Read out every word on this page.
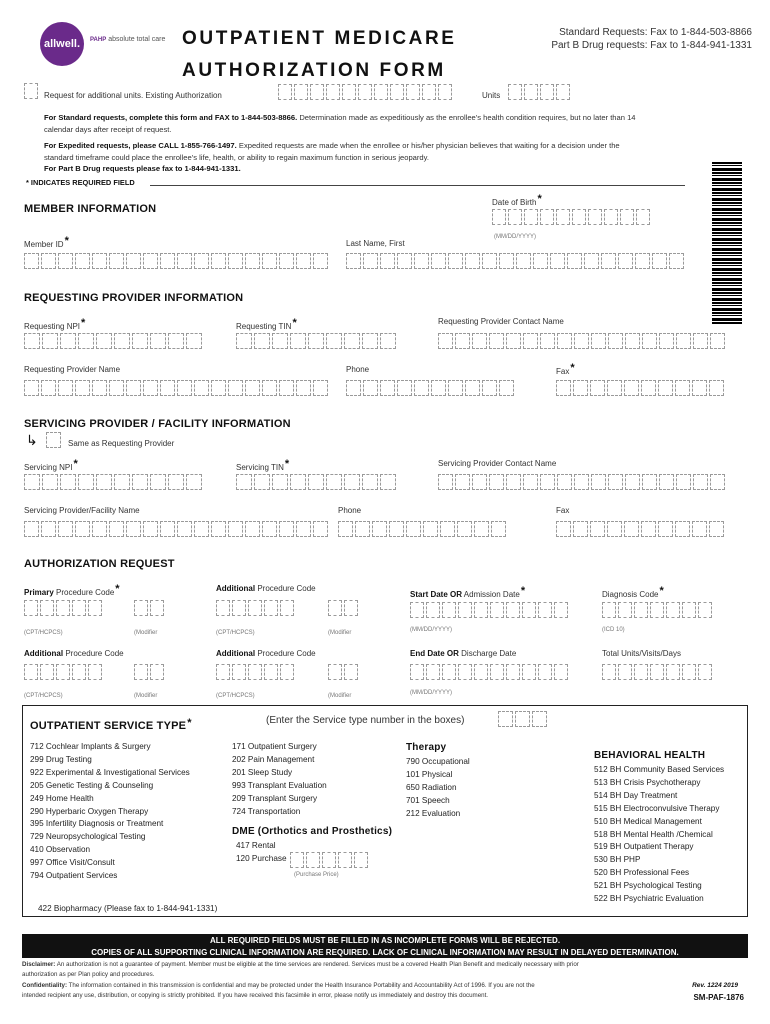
allwell. PAHP absolute total care OUTPATIENT MEDICARE
AUTHORIZATION FORM
Standard Requests: Fax to 1-844-503-8866
Part B Drug requests: Fax to 1-844-941-1331
Request for additional units. Existing Authorization	Units
For Standard requests, complete this form and FAX to 1-844-503-8866. Determination made as expeditiously as the enrollee's health condition requires, but no later than 14
calendar days after receipt of request.
For Expedited requests, please CALL 1-855-766-1497. Expedited requests are made when the enrollee or his/her physician believes that waiting for a decision under the
standard timeframe could place the enrollee's life, health, or ability to regain maximum function in serious jeopardy.
For Part B Drug requests please fax to 1-844-941-1331.
* INDICATES REQUIRED FIELD
MEMBER INFORMATION
Date of Birth*
(MM/DD/YYYY)
Member ID*	Last Name, First
REQUESTING PROVIDER INFORMATION
Requesting NPI*	Requesting TIN*	Requesting Provider Contact Name
Requesting Provider Name	Phone	Fax*
SERVICING PROVIDER / FACILITY INFORMATION
↳	Same as Requesting Provider
Servicing NPI*	Servicing TIN*	Servicing Provider Contact Name
Servicing Provider/Facility Name	Phone	Fax
AUTHORIZATION REQUEST
Primary Procedure Code*
(CPT/HCPCS)	(Modifier
Additional Procedure Code
(CPT/HCPCS)	(Modifier
Start Date OR Admission Date*
(MM/DD/YYYY)
Diagnosis Code*
(ICD 10)
Additional Procedure Code
(CPT/HCPCS)	(Modifier
Additional Procedure Code
(CPT/HCPCS)	(Modifier
End Date OR Discharge Date
(MM/DD/YYYY)
Total Units/Visits/Days
OUTPATIENT SERVICE TYPE*	(Enter the Service type number in the boxes)
712 Cochlear Implants & Surgery
299 Drug Testing
922 Experimental & Investigational Services
205 Genetic Testing & Counseling
249 Home Health
290 Hyperbaric Oxygen Therapy
395 Infertility Diagnosis or Treatment
729 Neuropsychological Testing
410 Observation
997 Office Visit/Consult
794 Outpatient Services
422 Biopharmacy (Please fax to 1-844-941-1331)
171 Outpatient Surgery
202 Pain Management
201 Sleep Study
993 Transplant Evaluation
209 Transplant Surgery
724 Transportation
DME (Orthotics and Prosthetics)
417 Rental
120 Purchase
(Purchase Price)
Therapy
790 Occupational
101 Physical
650 Radiation
701 Speech
212 Evaluation
BEHAVIORAL HEALTH
512 BH Community Based Services
513 BH Crisis Psychotherapy
514 BH Day Treatment
515 BH Electroconvulsive Therapy
510 BH Medical Management
518 BH Mental Health /Chemical
519 BH Outpatient Therapy
530 BH PHP
520 BH Professional Fees
521 BH Psychological Testing
522 BH Psychiatric Evaluation
ALL REQUIRED FIELDS MUST BE FILLED IN AS INCOMPLETE FORMS WILL BE REJECTED.
COPIES OF ALL SUPPORTING CLINICAL INFORMATION ARE REQUIRED. LACK OF CLINICAL INFORMATION MAY RESULT IN DELAYED DETERMINATION.
Disclaimer: An authorization is not a guarantee of payment. Member must be eligible at the time services are rendered. Services must be a covered Health Plan Benefit and medically necessary with prior
authorization as per Plan policy and procedures.
Confidentiality: The information contained in this transmission is confidential and may be protected under the Health Insurance Portability and Accountability Act of 1996. If you are not the
intended recipient any use, distribution, or copying is strictly prohibited. If you have received this facsimile in error, please notify us immediately and destroy this document.
Rev. 1224 2019
SM-PAF-1876
